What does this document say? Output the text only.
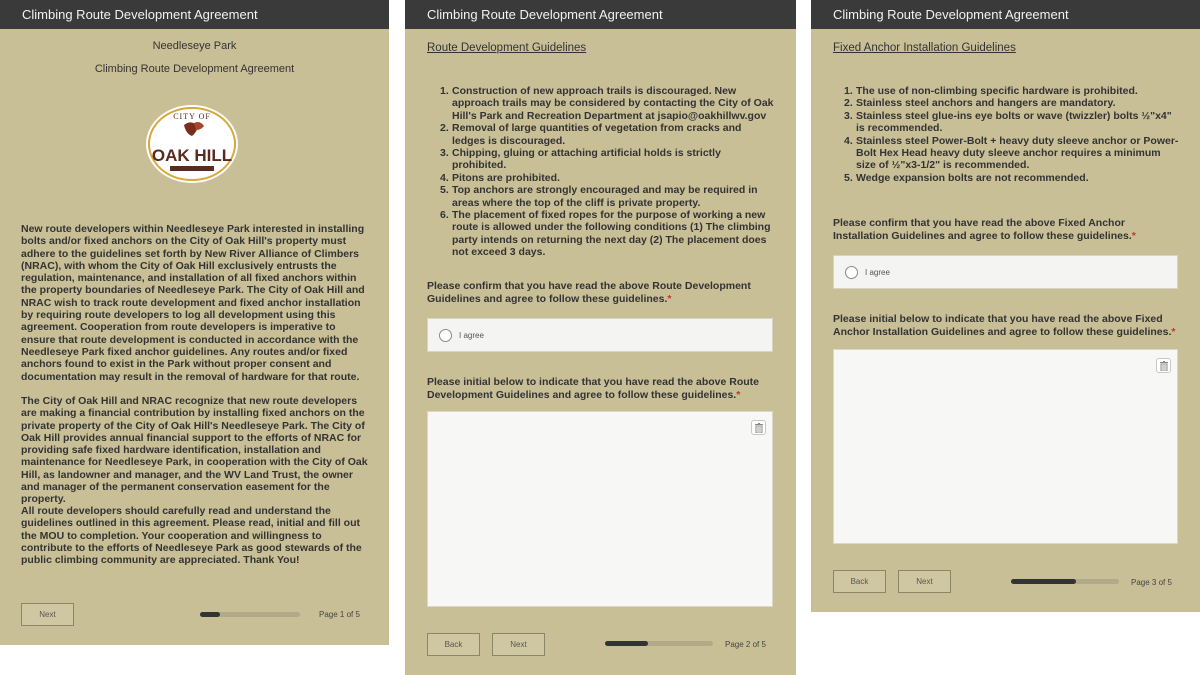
Climbing Route Development Agreement
Needleseye Park
Climbing Route Development Agreement
CITY OF
OAK HILL
New route developers within Needleseye Park interested in installing bolts and/or fixed anchors on the City of Oak Hill's property must adhere to the guidelines set forth by New River Alliance of Climbers (NRAC), with whom the City of Oak Hill exclusively entrusts the regulation, maintenance, and installation of all fixed anchors within the property boundaries of Needleseye Park. The City of Oak Hill and NRAC wish to track route development and fixed anchor installation by requiring route developers to log all development using this agreement. Cooperation from route developers is imperative to ensure that route development is conducted in accordance with the Needleseye Park fixed anchor guidelines. Any routes and/or fixed anchors found to exist in the Park without proper consent and documentation may result in the removal of hardware for that route.
The City of Oak Hill and NRAC recognize that new route developers are making a financial contribution by installing fixed anchors on the private property of the City of Oak Hill's Needleseye Park. The City of Oak Hill provides annual financial support to the efforts of NRAC for providing safe fixed hardware identification, installation and maintenance for Needleseye Park, in cooperation with the City of Oak Hill, as landowner and manager, and the WV Land Trust, the owner and manager of the permanent conservation easement for the property.
All route developers should carefully read and understand the guidelines outlined in this agreement. Please read, initial and fill out the MOU to completion. Your cooperation and willingness to contribute to the efforts of Needleseye Park as good stewards of the public climbing community are appreciated. Thank You!
Next	Page 1 of 5
Climbing Route Development Agreement
Route Development Guidelines
1. Construction of new approach trails is discouraged. New approach trails may be considered by contacting the City of Oak Hill's Park and Recreation Department at jsapio@oakhillwv.gov
2. Removal of large quantities of vegetation from cracks and ledges is discouraged.
3. Chipping, gluing or attaching artificial holds is strictly prohibited.
4. Pitons are prohibited.
5. Top anchors are strongly encouraged and may be required in areas where the top of the cliff is private property.
6. The placement of fixed ropes for the purpose of working a new route is allowed under the following conditions (1) The climbing party intends on returning the next day (2) The placement does not exceed 3 days.
Please confirm that you have read the above Route Development Guidelines and agree to follow these guidelines.*
I agree
Please initial below to indicate that you have read the above Route Development Guidelines and agree to follow these guidelines.*
Back	Next	Page 2 of 5
Climbing Route Development Agreement
Fixed Anchor Installation Guidelines
1. The use of non-climbing specific hardware is prohibited.
2. Stainless steel anchors and hangers are mandatory.
3. Stainless steel glue-ins eye bolts or wave (twizzler) bolts ½"x4" is recommended.
4. Stainless steel Power-Bolt + heavy duty sleeve anchor or Power-Bolt Hex Head heavy duty sleeve anchor requires a minimum size of ½"x3-1/2" is recommended.
5. Wedge expansion bolts are not recommended.
Please confirm that you have read the above Fixed Anchor Installation Guidelines and agree to follow these guidelines.*
I agree
Please initial below to indicate that you have read the above Fixed Anchor Installation Guidelines and agree to follow these guidelines.*
Back	Next	Page 3 of 5
